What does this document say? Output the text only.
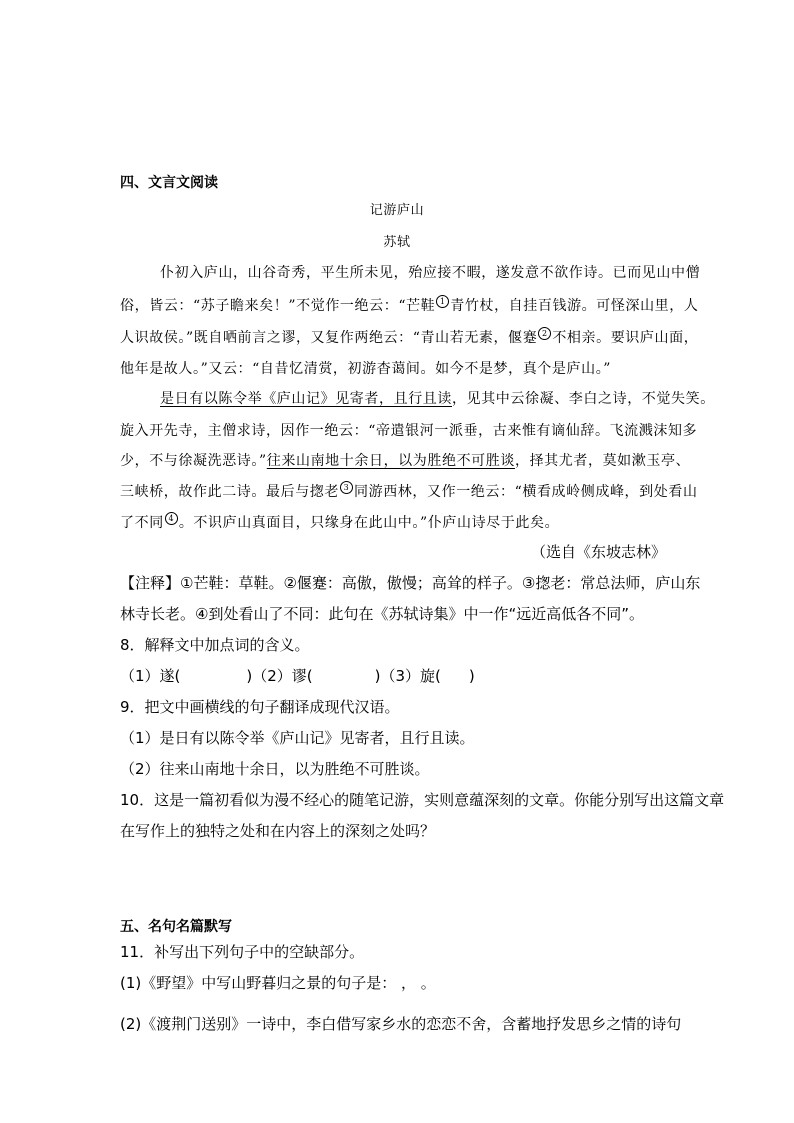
四、文言文阅读
记游庐山
苏轼
仆初入庐山，山谷奇秀，平生所未见，殆应接不暇，遂发意不欲作诗。已而见山中僧
俗，皆云：“苏子瞻来矣！”不觉作一绝云：“芒鞋 1 青竹杖，自挂百钱游。可怪深山里，人
人识故侯。”既自哂前言之谬，又复作两绝云：“青山若无素，偃蹇 2 不相亲。要识庐山面，
他年是故人。”又云：“自昔忆清赏，初游杳蔼间。如今不是梦，真个是庐山。”
是日有以陈令举《庐山记》见寄者，且行且读，见其中云徐凝、李白之诗，不觉失笑。
旋入开先寺，主僧求诗，因作一绝云：“帝遣银河一派垂，古来惟有谪仙辞。飞流溅沫知多
少，不与徐凝洗恶诗。”往来山南地十余日，以为胜绝不可胜谈，择其尤者，莫如漱玉亭、
三峡桥，故作此二诗。最后与揔老 3 同游西林，又作一绝云：“横看成岭侧成峰，到处看山
了不同 4 。不识庐山真面目，只缘身在此山中。”仆庐山诗尽于此矣。
（选自《东坡志林》
【注释】①芒鞋：草鞋。②偃蹇：高傲，傲慢；高耸的样子。③揔老：常总法师，庐山东
林寺长老。④到处看山了不同：此句在《苏轼诗集》中一作“远近高低各不同”。
8．解释文中加点词的含义。
（1）遂(	)（2）谬(	)（3）旋( )
9．把文中画横线的句子翻译成现代汉语。
（1）是日有以陈令举《庐山记》见寄者，且行且读。
（2）往来山南地十余日，以为胜绝不可胜谈。
10．这是一篇初看似为漫不经心的随笔记游，实则意蕴深刻的文章。你能分别写出这篇文章
在写作上的独特之处和在内容上的深刻之处吗？
五、名句名篇默写
11．补写出下列句子中的空缺部分。
(1)《野望》中写山野暮归之景的句子是： ， 。
(2)《渡荆门送别》一诗中，李白借写家乡水的恋恋不舍，含蓄地抒发思乡之情的诗句
